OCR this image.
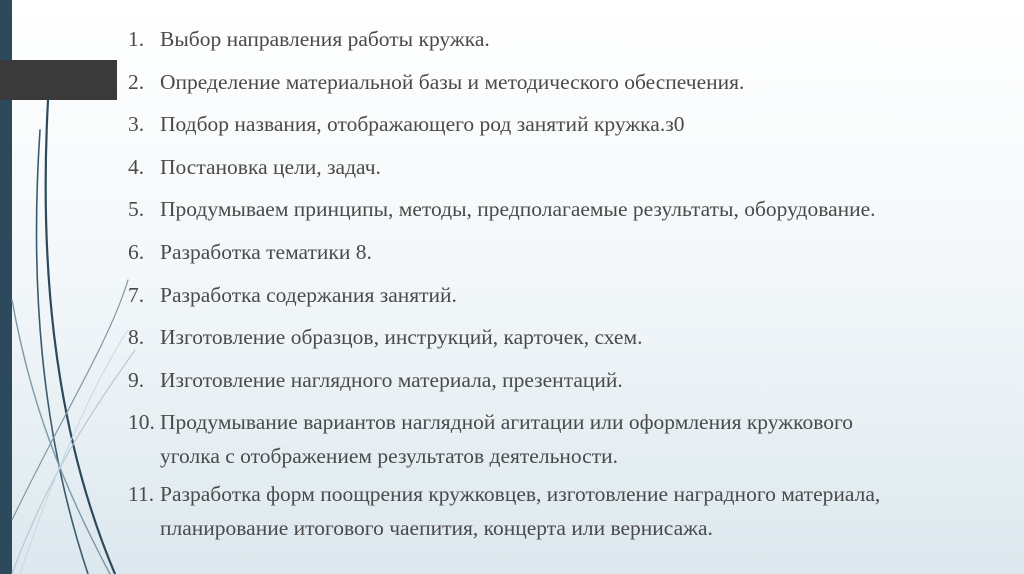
1. Выбор направления работы кружка.
2. Определение материальной базы и методического обеспечения.
3. Подбор названия, отображающего род занятий кружка.з0
4. Постановка цели, задач.
5. Продумываем принципы, методы, предполагаемые результаты, оборудование.
6. Разработка тематики 8.
7. Разработка содержания занятий.
8. Изготовление образцов, инструкций, карточек, схем.
9. Изготовление наглядного материала, презентаций.
10. Продумывание вариантов наглядной агитации или оформления кружкового
уголка с отображением результатов деятельности.
11. Разработка форм поощрения кружковцев, изготовление наградного материала,
планирование итогового чаепития, концерта или вернисажа.
